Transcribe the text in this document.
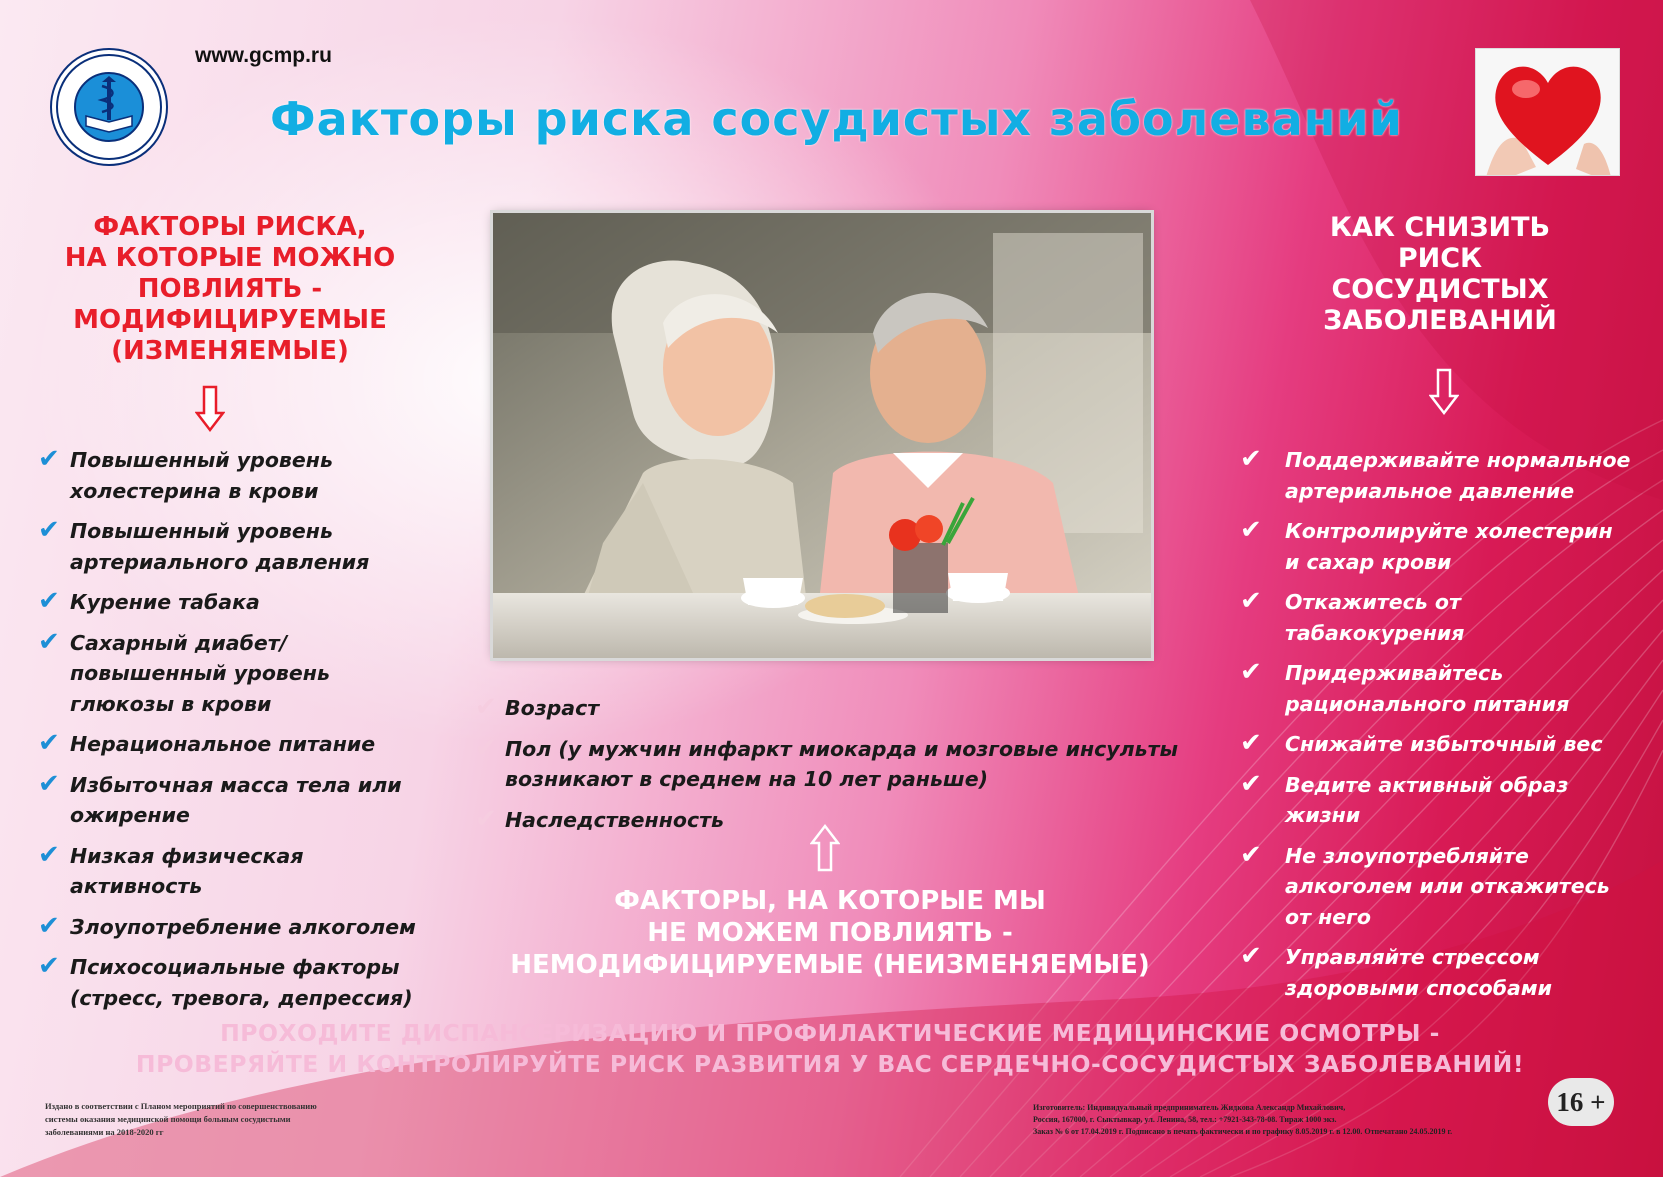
www.gcmp.ru
Факторы риска сосудистых заболеваний
ФАКТОРЫ РИСКА,
НА КОТОРЫЕ МОЖНО
ПОВЛИЯТЬ -
МОДИФИЦИРУЕМЫЕ
(ИЗМЕНЯЕМЫЕ)
✔ Повышенный уровень
холестерина в крови
✔ Повышенный уровень
артериального давления
✔ Курение табака
✔ Сахарный диабет/
повышенный уровень
глюкозы в крови
✔ Нерациональное питание
✔ Избыточная масса тела или
ожирение
✔ Низкая физическая
активность
✔ Злоупотребление алкоголем
✔ Психосоциальные факторы
(стресс, тревога, депрессия)
КАК СНИЗИТЬ
РИСК
СОСУДИСТЫХ
ЗАБОЛЕВАНИЙ
✔ Поддерживайте нормальное
артериальное давление
✔ Контролируйте холестерин
и сахар крови
✔ Откажитесь от
табакокурения
✔ Придерживайтесь
рационального питания
✔ Снижайте избыточный вес
✔ Ведите активный образ
жизни
✔ Не злоупотребляйте
алкоголем или откажитесь
от него
✔ Управляйте стрессом
здоровыми способами
✔ Возраст
✔ Пол (у мужчин инфаркт миокарда и мозговые инсульты
возникают в среднем на 10 лет раньше)
✔ Наследственность
ФАКТОРЫ, НА КОТОРЫЕ МЫ
НЕ МОЖЕМ ПОВЛИЯТЬ -
НЕМОДИФИЦИРУЕМЫЕ (НЕИЗМЕНЯЕМЫЕ)
ПРОХОДИТЕ ДИСПАНСЕРИЗАЦИЮ И ПРОФИЛАКТИЧЕСКИЕ МЕДИЦИНСКИЕ ОСМОТРЫ -
ПРОВЕРЯЙТЕ И КОНТРОЛИРУЙТЕ РИСК РАЗВИТИЯ У ВАС СЕРДЕЧНО-СОСУДИСТЫХ ЗАБОЛЕВАНИЙ!
Издано в соответствии с Планом мероприятий по совершенствованию
системы оказания медицинской помощи больным сосудистыми
заболеваниями на 2018-2020 гг
Изготовитель: Индивидуальный предприниматель Жидкова Александр Михайлович,
Россия, 167000, г. Сыктывкар, ул. Ленина, 58, тел.: +7921-343-78-08. Тираж 1000 экз.
Заказ № 6 от 17.04.2019 г. Подписано в печать фактически и по графику 8.05.2019 г. в 12.00. Отпечатано 24.05.2019 г.
16 +
